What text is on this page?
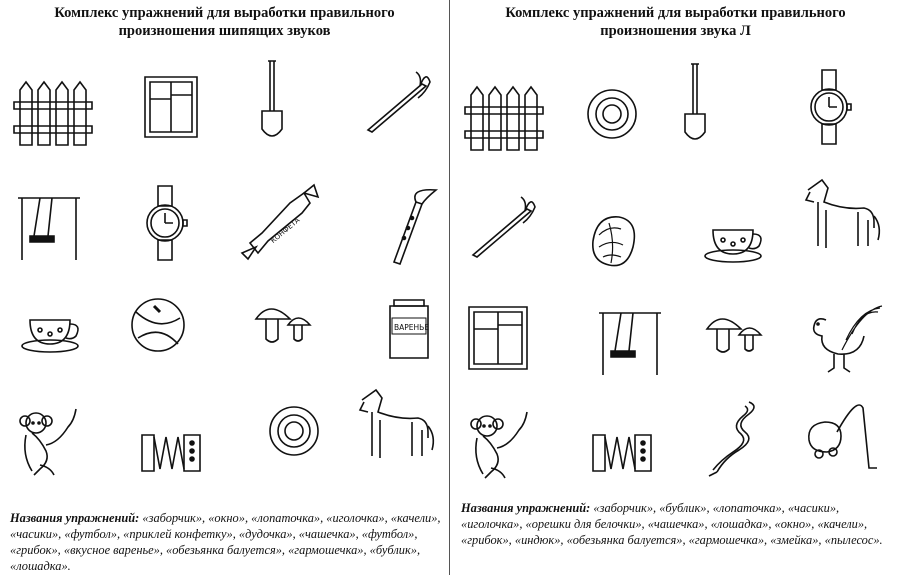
Комплекс упражнений для выработки правильного
произношения шипящих звуков
КОНФЕТА
ВАРЕНЬЕ
Названия упражнений: «заборчик», «окно», «лопаточка», «иголочка», «качели», «часики», «футбол», «приклей конфетку», «дудочка», «чашечка», «футбол», «грибок», «вкусное варенье», «обезьянка балуется», «гармошечка», «бублик», «лошадка».
Комплекс упражнений для выработки правильного
произношения звука Л
Названия упражнений: «заборчик», «бублик», «лопаточка», «часики», «иголочка», «орешки для белочки», «чашечка», «лошадка», «окно», «качели», «грибок», «индюк», «обезьянка балуется», «гармошечка», «змейка», «пылесос».
